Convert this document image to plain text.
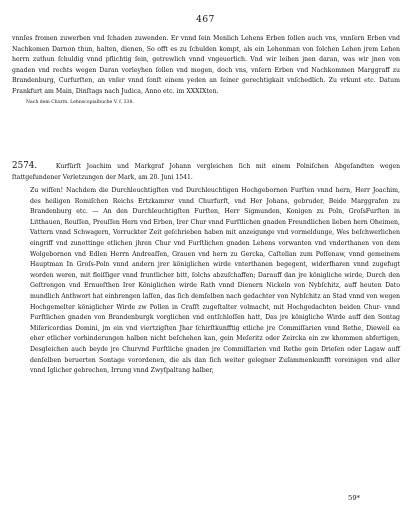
467

vnnſes fromen zuwerben vnd ſchaden zuwenden. Er vnnd ſein Menlich Lehens Erben ſollen auch vns, vnnſern Erben vnd Nachkomen Darnon thun, halten, dienen, So offt es zu ſchulden kompt, als ein Lehenman von ſolchen Lehen jrem Lehen herrn zuthun ſchuldig vnnd pflichtig ſein, getrewlich vnnd vngeuerlich. Vnd wir leihen jnen daran, was wir jnen von gnaden vnd rechts wegen Daran vorleyhen ſollen vnd mogen, doch vns, vnſern Erben vnd Nachkommen Marggraff zu Brandenburg, Curfurſten, an vnſer vnnd ſonſt einem yeden an ſeiner gerechtigkait vnſchedlich. Zu vrkunt etc. Datum Frankfurt am Main, Dinſtags nach Judica, Anno etc. im XXXIXten.

Nach dem Churm. Lehnscopialbuche V. f. 338.
2574.	Kurfürſt Joachim und Markgraf Johann vergleichen ſich mit einem Polniſchen Abgeſandten wegen ſtattgefundener Verletzungen der Mark, am 20. Juni 1541.

Zu wiſſen! Nachdem die Durchleuchtigſten vnd Durchleuchtigen Hochgebornen Furſten vnnd hern, Herr Joachim, des heiligen Romiſchen Reichs Ertzkamrer vnnd Churfurſt, vnd Her Johans, gebruder, Beide Marggrafen zu Brandenburg etc. — An den Durchleuchtigſten Furſten, Herr Sigmunden, Konigen zu Poln, GroſsFurſten in Litthauen, Reuſſen, Preuſſen Hern vnd Erben, Irer Chur vnnd Furſtlichen gnaden Freundlichen lieben hern Oheimen, Vattern vnnd Schwagern, Vorruckter Zeit geſchrieben haben mit anzeigunge vnd vormeldunge, Wes beſchwerlichen eingriff vnd zunottinge etlichen jhren Chur vnd Furſtlichen gnaden Lehens vorwanten vnd vnderthanen von dem Wolgebornen vnd Edlen Herrn Andreaſſen, Grauen vnd hern zu Gercka, Caſtellan zum Poſſenaw, vnnd gemeinem Hauptman In Groſs-Poln vnnd andern jrer königlichen wirde vnterthanen begegent, widerfharen vnnd zugefugt worden weren, mit fleiſſiger vnnd fruntlicher bitt, ſolchs abzuſchaffen; Darauff dan jre königliche wirde, Durch den Geſtrengen vnd Ernueſthen Irer Königlichen wirde Rath vnnd Dienern Nickeln von Nybſchitz, auff heuten Dato mundlich Anthwort hat einbrengen laſſen, das ſich demſelben nach gedachter von Nybſchitz an Stad vnnd von wegen Hochgemelter königlicher Wirde zw Pollen in Craſſt zugeſtalter volmacht, mit Hochgedachten beiden Chur- vnnd Furſtlichen gnaden von Brandenburgk vorglichen vnd entſchloſſen hatt, Das jre königliche Wirde auff den Sontag Miſericordias Domini, jm ein vnd viertzigſten Jhar ſchirſtkunfftig etliche jre Commiſſarien vnnd Rethe, Dieweil ea eher etlicher vorhinderungen halben nicht beſchehen kan, gein Meſeritz oder Zeircka ein zw khommen abfertigen, Desgleichen auch beyde jre Churvnd Furſtliche gnaden jre Commiſſarien vnd Rethe gein Drieſen oder Lagaw auff denſelben beruerten Sontage vorordenen, die als dan ſich weiter gelegner Zuſammenkunfft voreinigen vnd aller vnnd Iglicher gebrechen, Irrung vnnd Zwyſpaltung halber,

59*
